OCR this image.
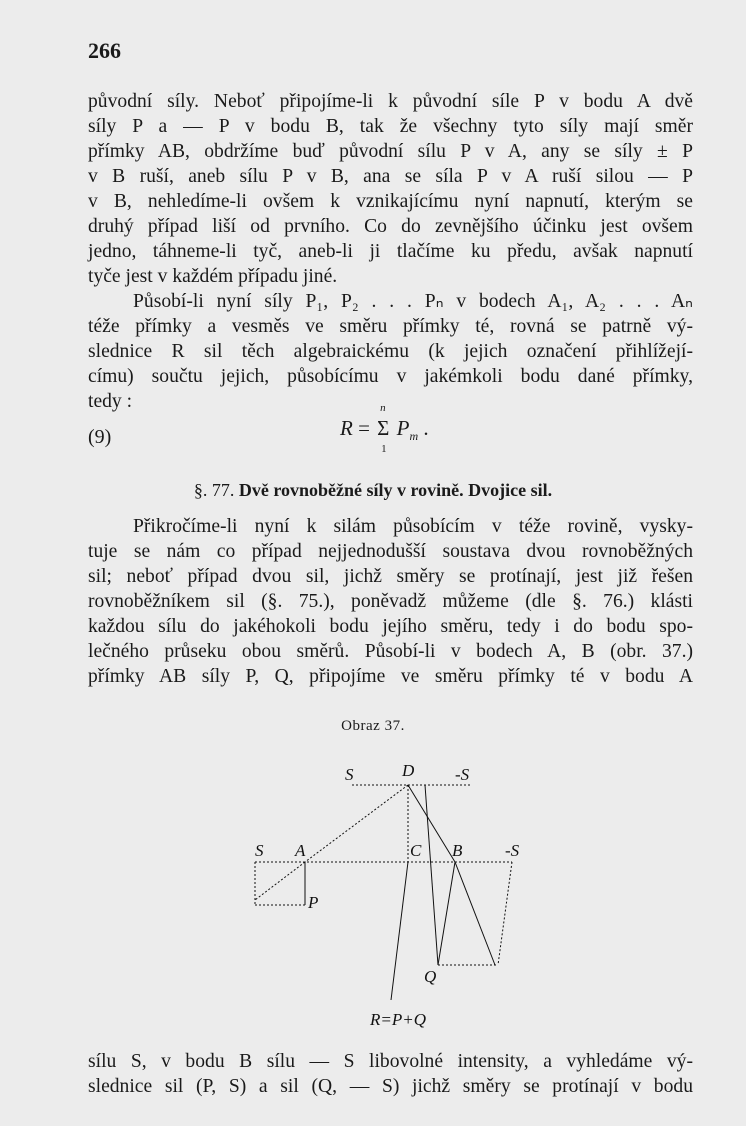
266
původní síly. Neboť připojíme-li k původní síle P v bodu A dvě
síly P a — P v bodu B, tak že všechny tyto síly mají směr
přímky AB, obdržíme buď původní sílu P v A, any se síly ± P
v B ruší, aneb sílu P v B, ana se síla P v A ruší silou — P
v B, nehledíme-li ovšem k vznikajícímu nyní napnutí, kterým se
druhý případ liší od prvního. Co do zevnějšího účinku jest ovšem
jedno, táhneme-li tyč, aneb-li ji tlačíme ku předu, avšak napnutí
tyče jest v každém případu jiné.
Působí-li nyní síly P₁, P₂ . . . Pₙ v bodech A₁, A₂ . . . Aₙ
téže přímky a vesměs ve směru přímky té, rovná se patrně vý-
slednice R sil těch algebraickému (k jejich označení přihlížejí-
címu) součtu jejich, působícímu v jakémkoli bodu dané přímky,
tedy :
(9)	R =
n
Σ
1
$P_m$ .
§. 77. Dvě rovnoběžné síly v rovině. Dvojice sil.
Přikročíme-li nyní k silám působícím v téže rovině, vysky-
tuje se nám co případ nejjednodušší soustava dvou rovnoběžných
sil; neboť případ dvou sil, jichž směry se protínají, jest již řešen
rovnoběžníkem sil (§. 75.), poněvadž můžeme (dle §. 76.) klásti
každou sílu do jakéhokoli bodu jejího směru, tedy i do bodu spo-
lečného průseku obou směrů. Působí-li v bodech A, B (obr. 37.)
přímky AB síly P, Q, připojíme ve směru přímky té v bodu A
Obraz 37.
S	D -S
S A	C B	-S
P
Q
R=P+Q
sílu S, v bodu B sílu — S libovolné intensity, a vyhledáme vý-
slednice sil (P, S) a sil (Q, — S) jichž směry se protínají v bodu
